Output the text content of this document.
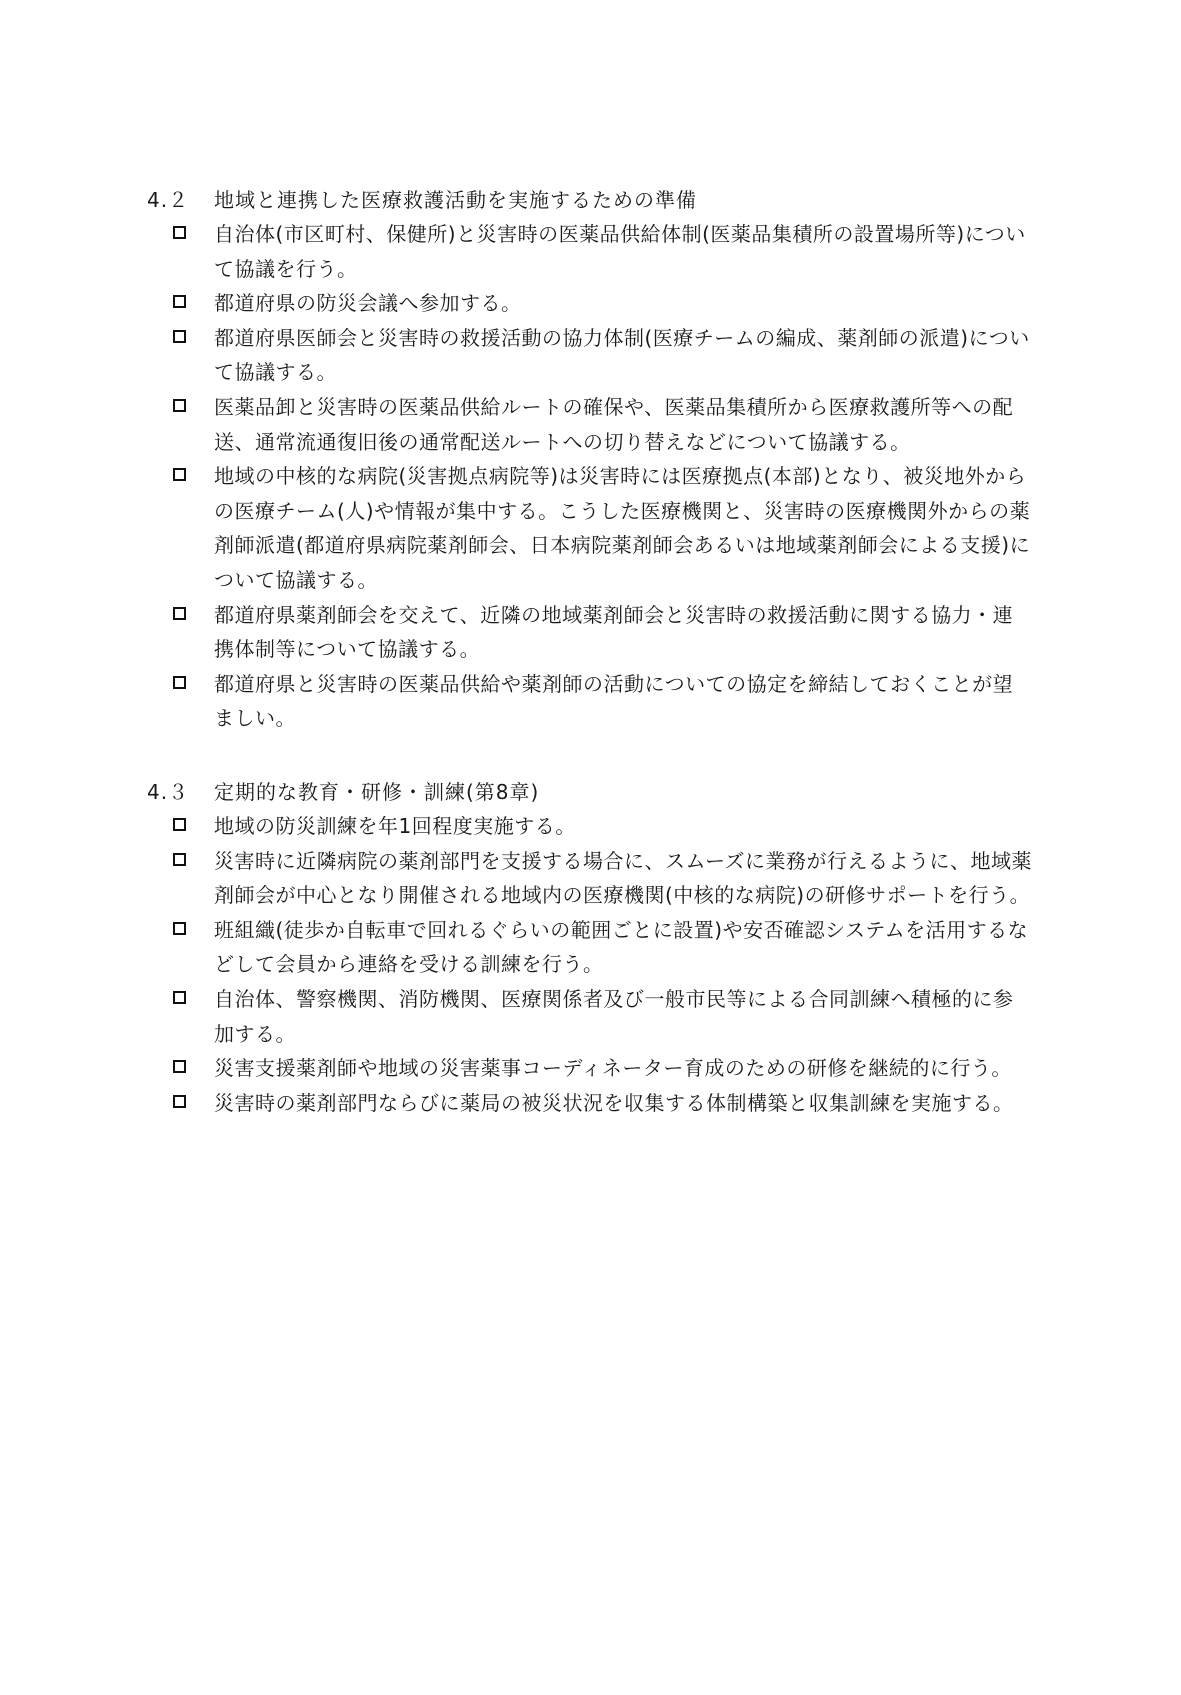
4.２	地域と連携した医療救護活動を実施するための準備
自治体(市区町村、保健所)と災害時の医薬品供給体制(医薬品集積所の設置場所等)について協議を行う。
都道府県の防災会議へ参加する。
都道府県医師会と災害時の救援活動の協力体制(医療チームの編成、薬剤師の派遣)について協議する。
医薬品卸と災害時の医薬品供給ルートの確保や、医薬品集積所から医療救護所等への配送、通常流通復旧後の通常配送ルートへの切り替えなどについて協議する。
地域の中核的な病院(災害拠点病院等)は災害時には医療拠点(本部)となり、被災地外からの医療チーム(人)や情報が集中する。こうした医療機関と、災害時の医療機関外からの薬剤師派遣(都道府県病院薬剤師会、日本病院薬剤師会あるいは地域薬剤師会による支援)について協議する。
都道府県薬剤師会を交えて、近隣の地域薬剤師会と災害時の救援活動に関する協力・連携体制等について協議する。
都道府県と災害時の医薬品供給や薬剤師の活動についての協定を締結しておくことが望ましい。
4.３	定期的な教育・研修・訓練(第8章)
地域の防災訓練を年1回程度実施する。
災害時に近隣病院の薬剤部門を支援する場合に、スムーズに業務が行えるように、地域薬剤師会が中心となり開催される地域内の医療機関(中核的な病院)の研修サポートを行う。
班組織(徒歩か自転車で回れるぐらいの範囲ごとに設置)や安否確認システムを活用するなどして会員から連絡を受ける訓練を行う。
自治体、警察機関、消防機関、医療関係者及び一般市民等による合同訓練へ積極的に参加する。
災害支援薬剤師や地域の災害薬事コーディネーター育成のための研修を継続的に行う。
災害時の薬剤部門ならびに薬局の被災状況を収集する体制構築と収集訓練を実施する。
